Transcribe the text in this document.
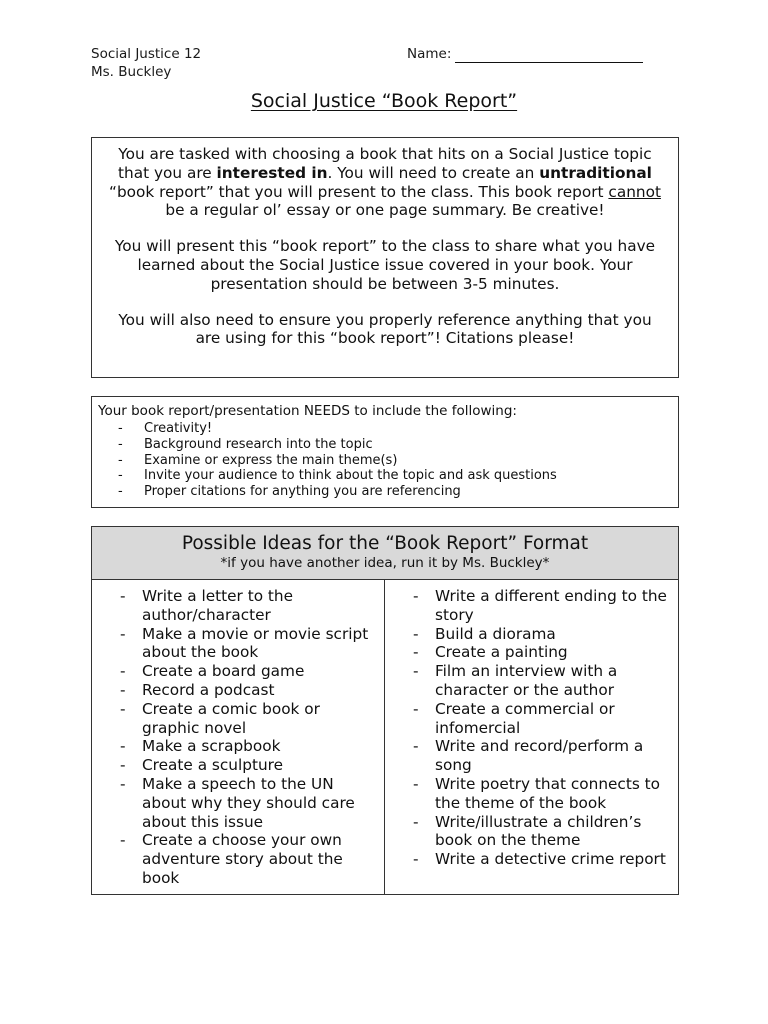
Social Justice 12
Ms. Buckley
Name:
Social Justice “Book Report”

You are tasked with choosing a book that hits on a Social Justice topic that you are interested in. You will need to create an untraditional “book report” that you will present to the class. This book report cannot be a regular ol’ essay or one page summary. Be creative!

You will present this “book report” to the class to share what you have learned about the Social Justice issue covered in your book. Your presentation should be between 3-5 minutes.

You will also need to ensure you properly reference anything that you are using for this “book report”! Citations please!

Your book report/presentation NEEDS to include the following:
- Creativity!
- Background research into the topic
- Examine or express the main theme(s)
- Invite your audience to think about the topic and ask questions
- Proper citations for anything you are referencing
Possible Ideas for the “Book Report” Format
*if you have another idea, run it by Ms. Buckley*
- Write a letter to the author/character
- Make a movie or movie script about the book
- Create a board game
- Record a podcast
- Create a comic book or graphic novel
- Make a scrapbook
- Create a sculpture
- Make a speech to the UN about why they should care about this issue
- Create a choose your own adventure story about the book
- Write a different ending to the story
- Build a diorama
- Create a painting
- Film an interview with a character or the author
- Create a commercial or infomercial
- Write and record/perform a song
- Write poetry that connects to the theme of the book
- Write/illustrate a children’s book on the theme
- Write a detective crime report
